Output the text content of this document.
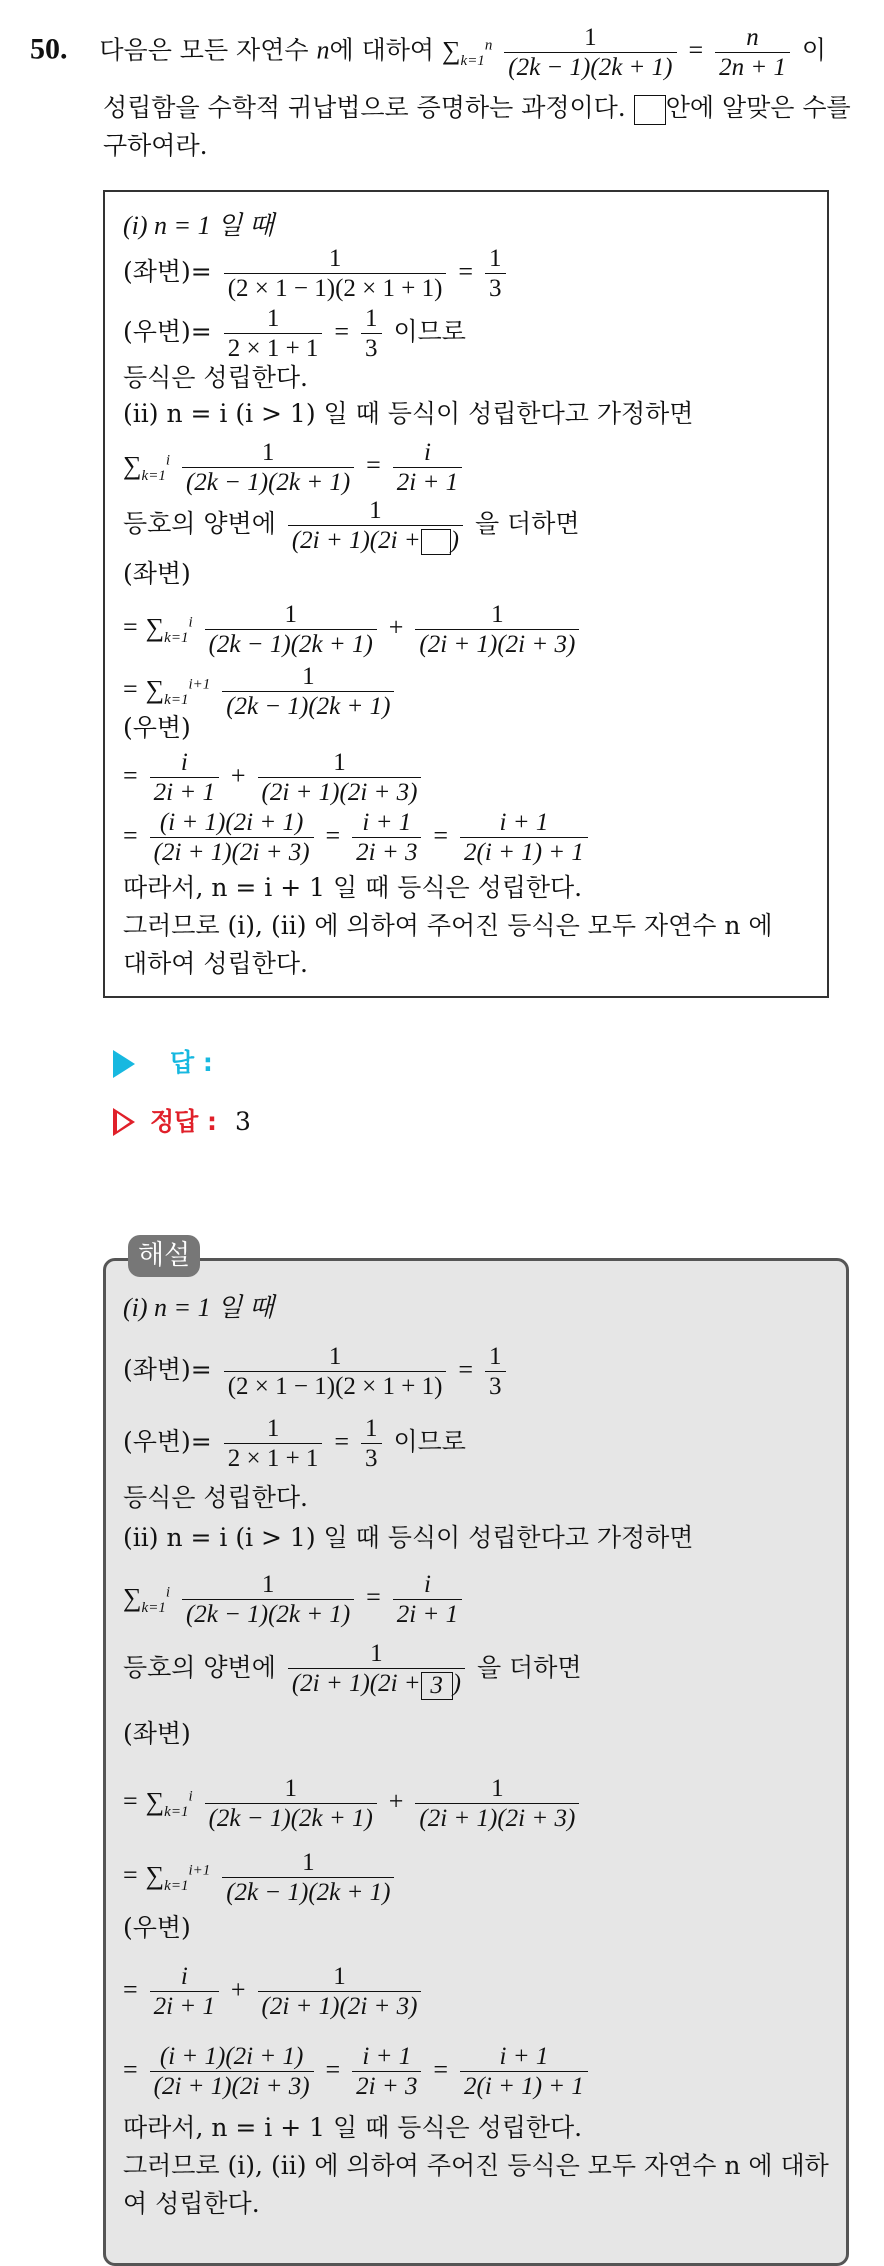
50. 다음은 모든 자연수 n에 대하여 $\sum_{k=1}^n \frac{1}{(2k - 1)(2k + 1)} = \frac{n}{2n + 1}$ 이
성립함을 수학적 귀납법으로 증명하는 과정이다. 안에 알맞은 수를
구하여라.
(i) n = 1 일 때
(좌변)= $\frac{1}{(2 \times 1 - 1)(2 \times 1 + 1)} = \frac{1}{3}$
(우변)= $\frac{1}{2 \times 1 + 1} = \frac{1}{3}$ 이므로
등식은 성립한다.
(ii) n = i (i > 1) 일 때 등식이 성립한다고 가정하면
$\sum_{k=1}^i \frac{1}{(2k - 1)(2k + 1)} = \frac{i}{2i + 1}$
등호의 양변에 $\frac{1}{(2i + 1)(2i + )}$ 을 더하면
(좌변)
= $\sum_{k=1}^i \frac{1}{(2k - 1)(2k + 1)} + \frac{1}{(2i + 1)(2i + 3)}$
= $\sum_{k=1}^{i+1} \frac{1}{(2k - 1)(2k + 1)}$
(우변)
= $\frac{i}{2i + 1} + \frac{1}{(2i + 1)(2i + 3)}$
= $\frac{(i + 1)(2i + 1)}{(2i + 1)(2i + 3)} = \frac{i + 1}{2i + 3} = \frac{i + 1}{2(i + 1) + 1}$
따라서, n = i + 1 일 때 등식은 성립한다.
그러므로 (i), (ii) 에 의하여 주어진 등식은 모두 자연수 n 에
대하여 성립한다.
답 :
정답 : 3
해설
(i) n = 1 일 때
(좌변)= $\frac{1}{(2 \times 1 - 1)(2 \times 1 + 1)} = \frac{1}{3}$
(우변)= $\frac{1}{2 \times 1 + 1} = \frac{1}{3}$ 이므로
등식은 성립한다.
(ii) n = i (i > 1) 일 때 등식이 성립한다고 가정하면
$\sum_{k=1}^i \frac{1}{(2k - 1)(2k + 1)} = \frac{i}{2i + 1}$
등호의 양변에 $\frac{1}{(2i + 1)(2i + 3 )}$ 을 더하면
(좌변)
= $\sum_{k=1}^i \frac{1}{(2k - 1)(2k + 1)} + \frac{1}{(2i + 1)(2i + 3)}$
= $\sum_{k=1}^{i+1} \frac{1}{(2k - 1)(2k + 1)}$
(우변)
= $\frac{i}{2i + 1} + \frac{1}{(2i + 1)(2i + 3)}$
= $\frac{(i + 1)(2i + 1)}{(2i + 1)(2i + 3)} = \frac{i + 1}{2i + 3} = \frac{i + 1}{2(i + 1) + 1}$
따라서, n = i + 1 일 때 등식은 성립한다.
그러므로 (i), (ii) 에 의하여 주어진 등식은 모두 자연수 n 에 대하
여 성립한다.
